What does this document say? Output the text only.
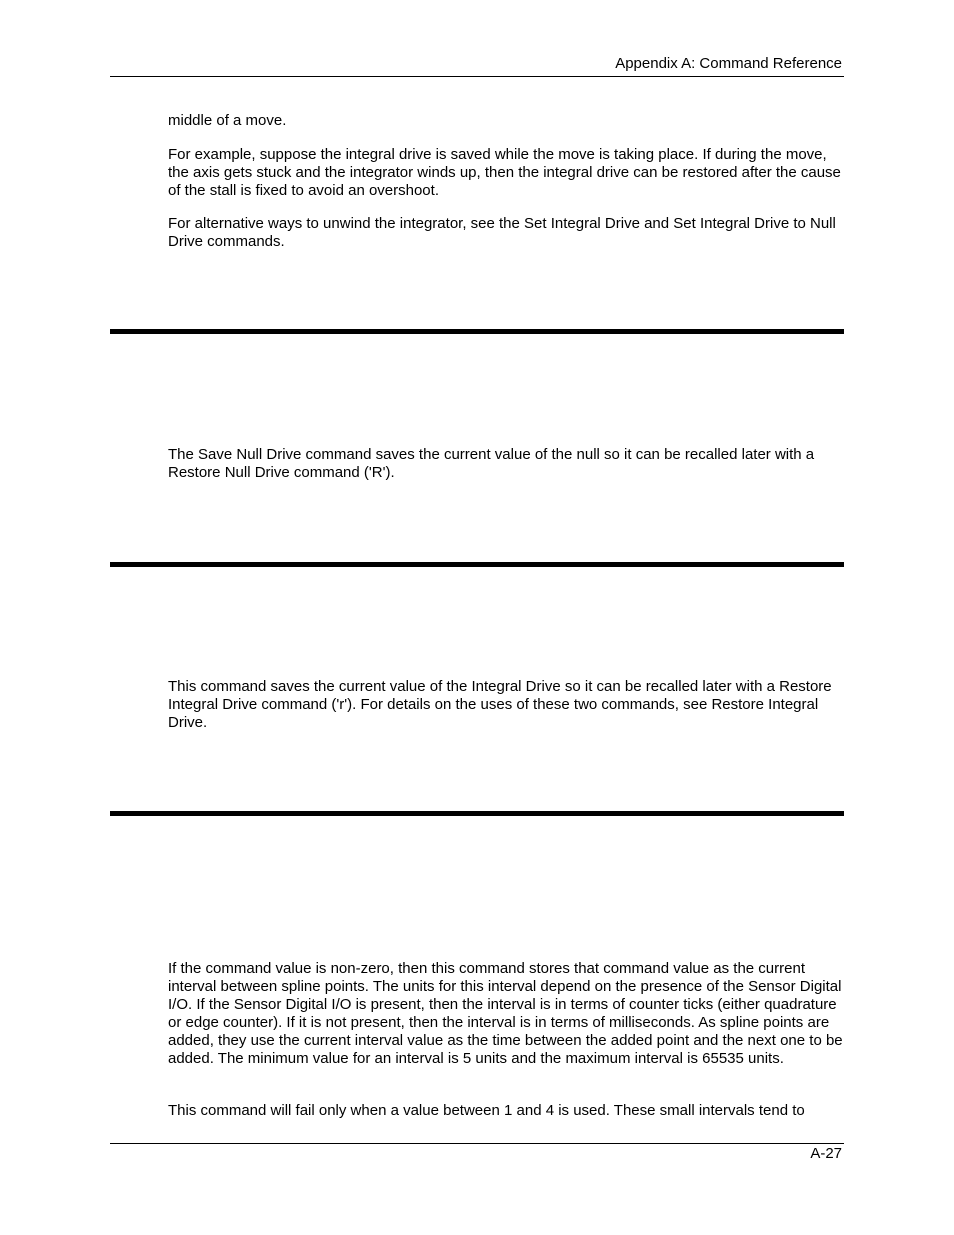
Appendix A: Command Reference

middle of a move.

For example, suppose the integral drive is saved while the move is taking place. If during the move, the axis gets stuck and the integrator winds up, then the integral drive can be restored after the cause of the stall is fixed to avoid an overshoot.

For alternative ways to unwind the integrator, see the Set Integral Drive and Set Integral Drive to Null Drive commands.

The Save Null Drive command saves the current value of the null so it can be recalled later with a Restore Null Drive command ('R').

This command saves the current value of the Integral Drive so it can be recalled later with a Restore Integral Drive command ('r'). For details on the uses of these two commands, see Restore Integral Drive.

If the command value is non-zero, then this command stores that command value as the current interval between spline points. The units for this interval depend on the presence of the Sensor Digital I/O. If the Sensor Digital I/O is present, then the interval is in terms of counter ticks (either quadrature or edge counter). If it is not present, then the interval is in terms of milliseconds. As spline points are added, they use the current interval value as the time between the added point and the next one to be added. The minimum value for an interval is 5 units and the maximum interval is 65535 units.

This command will fail only when a value between 1 and 4 is used. These small intervals tend to

A-27
